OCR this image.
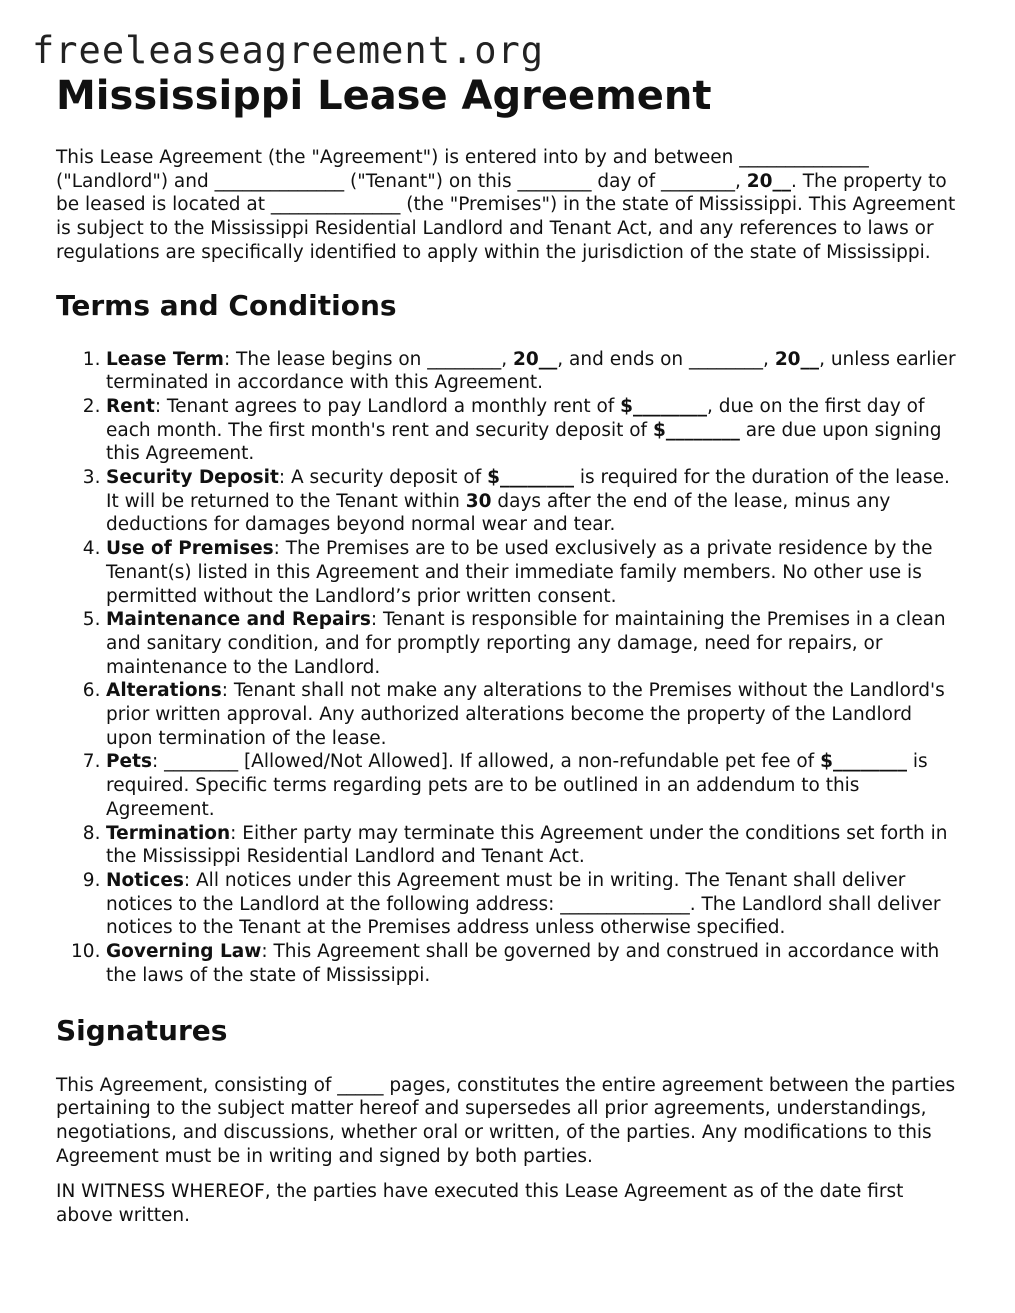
freeleaseagreement.org
Mississippi Lease Agreement

This Lease Agreement (the "Agreement") is entered into by and between ______________ ("Landlord") and ______________ ("Tenant") on this ________ day of ________, 20__. The property to be leased is located at ______________ (the "Premises") in the state of Mississippi. This Agreement is subject to the Mississippi Residential Landlord and Tenant Act, and any references to laws or regulations are specifically identified to apply within the jurisdiction of the state of Mississippi.

Terms and Conditions
1. Lease Term: The lease begins on ________, 20__, and ends on ________, 20__, unless earlier terminated in accordance with this Agreement.
2. Rent: Tenant agrees to pay Landlord a monthly rent of $________, due on the first day of each month. The first month's rent and security deposit of $________ are due upon signing this Agreement.
3. Security Deposit: A security deposit of $________ is required for the duration of the lease. It will be returned to the Tenant within 30 days after the end of the lease, minus any deductions for damages beyond normal wear and tear.
4. Use of Premises: The Premises are to be used exclusively as a private residence by the Tenant(s) listed in this Agreement and their immediate family members. No other use is permitted without the Landlord’s prior written consent.
5. Maintenance and Repairs: Tenant is responsible for maintaining the Premises in a clean and sanitary condition, and for promptly reporting any damage, need for repairs, or maintenance to the Landlord.
6. Alterations: Tenant shall not make any alterations to the Premises without the Landlord's prior written approval. Any authorized alterations become the property of the Landlord upon termination of the lease.
7. Pets: ________ [Allowed/Not Allowed]. If allowed, a non-refundable pet fee of $________ is required. Specific terms regarding pets are to be outlined in an addendum to this Agreement.
8. Termination: Either party may terminate this Agreement under the conditions set forth in the Mississippi Residential Landlord and Tenant Act.
9. Notices: All notices under this Agreement must be in writing. The Tenant shall deliver notices to the Landlord at the following address: ______________. The Landlord shall deliver notices to the Tenant at the Premises address unless otherwise specified.
10. Governing Law: This Agreement shall be governed by and construed in accordance with the laws of the state of Mississippi.
Signatures

This Agreement, consisting of _____ pages, constitutes the entire agreement between the parties pertaining to the subject matter hereof and supersedes all prior agreements, understandings, negotiations, and discussions, whether oral or written, of the parties. Any modifications to this Agreement must be in writing and signed by both parties.

IN WITNESS WHEREOF, the parties have executed this Lease Agreement as of the date first above written.
